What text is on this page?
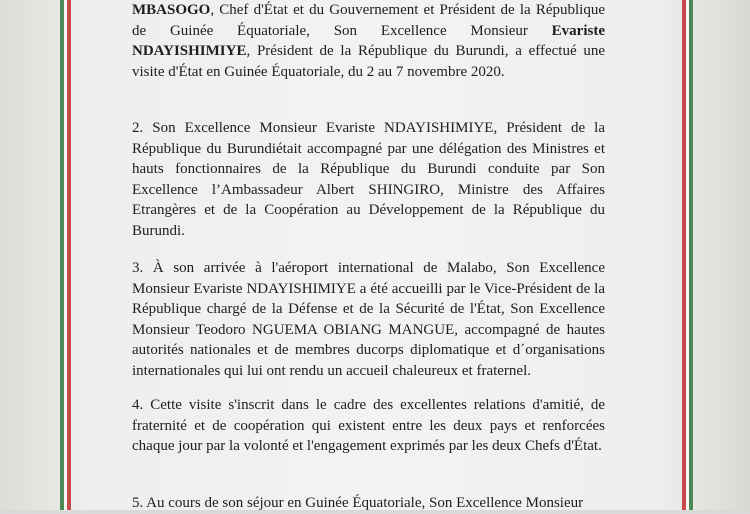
MBASOGO, Chef d'État et du Gouvernement et Président de la République de Guinée Équatoriale, Son Excellence Monsieur Evariste NDAYISHIMIYE, Président de la République du Burundi, a effectué une visite d'État en Guinée Équatoriale, du 2 au 7 novembre 2020.

2. Son Excellence Monsieur Evariste NDAYISHIMIYE, Président de la République du Burundiétait accompagné par une délégation des Ministres et hauts fonctionnaires de la République du Burundi conduite par Son Excellence l’Ambassadeur Albert SHINGIRO, Ministre des Affaires Etrangères et de la Coopération au Développement de la République du Burundi.

3. À son arrivée à l'aéroport international de Malabo, Son Excellence Monsieur Evariste NDAYISHIMIYE a été accueilli par le Vice-Président de la République chargé de la Défense et de la Sécurité de l'État, Son Excellence Monsieur Teodoro NGUEMA OBIANG MANGUE, accompagné de hautes autorités nationales et de membres ducorps diplomatique et d´organisations internationales qui lui ont rendu un accueil chaleureux et fraternel.

4. Cette visite s'inscrit dans le cadre des excellentes relations d'amitié, de fraternité et de coopération qui existent entre les deux pays et renforcées chaque jour par la volonté et l'engagement exprimés par les deux Chefs d'État.

5. Au cours de son séjour en Guinée Équatoriale, Son Excellence Monsieur
